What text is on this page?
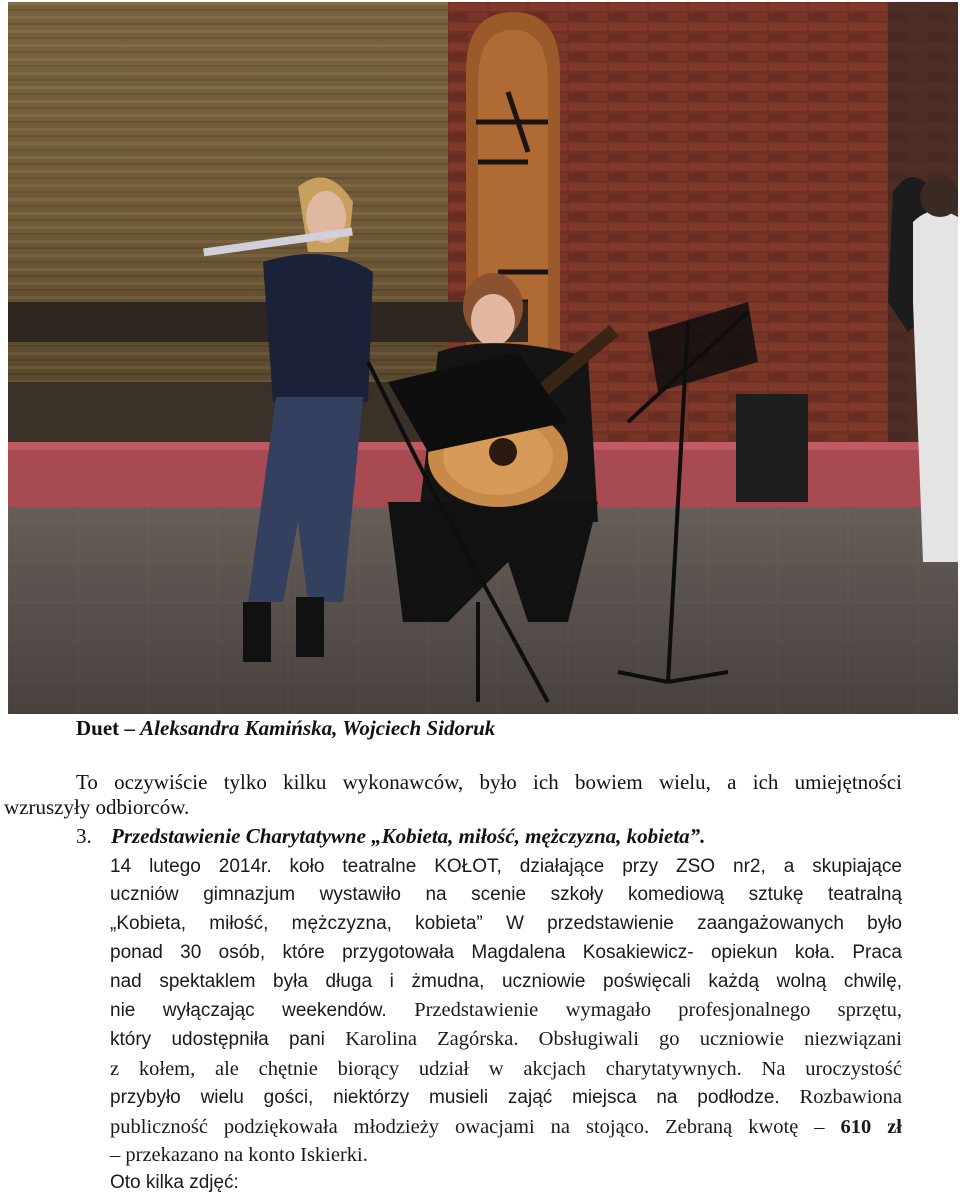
Duet – Aleksandra Kamińska, Wojciech Sidoruk
To oczywiście tylko kilku wykonawców, było ich bowiem wielu, a ich umiejętności
wzruszyły odbiorców.
3. Przedstawienie Charytatywne „Kobieta, miłość, mężczyzna, kobieta”.
14 lutego 2014r. koło teatralne KOŁOT, działające przy ZSO nr2, a skupiające
uczniów gimnazjum wystawiło na scenie szkoły komediową sztukę teatralną
„Kobieta, miłość, mężczyzna, kobieta” W przedstawienie zaangażowanych było
ponad 30 osób, które przygotowała Magdalena Kosakiewicz- opiekun koła. Praca
nad spektaklem była długa i żmudna, uczniowie poświęcali każdą wolną chwilę,
nie wyłączając weekendów. Przedstawienie wymagało profesjonalnego sprzętu,
który udostępniła pani Karolina Zagórska. Obsługiwali go uczniowie niezwiązani
z kołem, ale chętnie biorący udział w akcjach charytatywnych. Na uroczystość
przybyło wielu gości, niektórzy musieli zająć miejsca na podłodze. Rozbawiona
publiczność podziękowała młodzieży owacjami na stojąco. Zebraną kwotę – 610 zł
– przekazano na konto Iskierki.
Oto kilka zdjęć:
